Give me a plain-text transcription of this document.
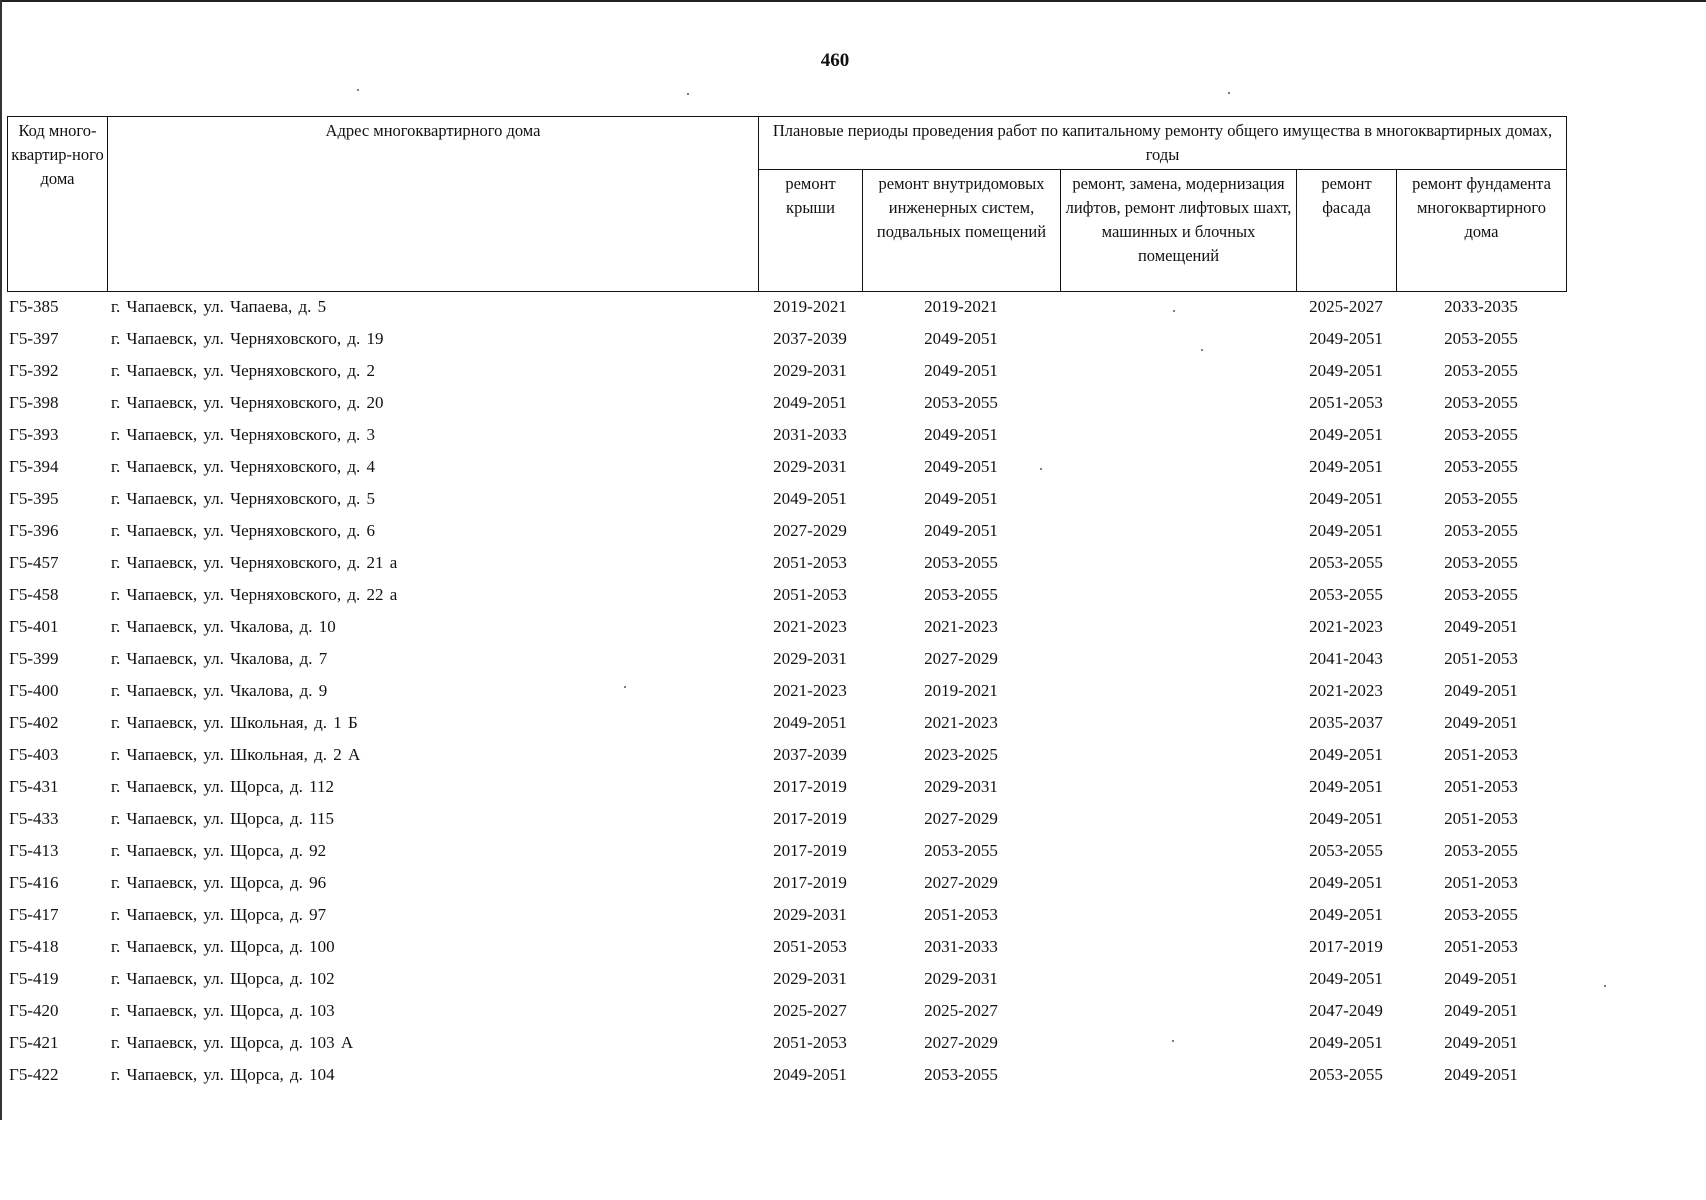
460
Код много-квартир-ного дома	Адрес многоквартирного дома	Плановые периоды проведения работ по капитальному ремонту общего имущества в многоквартирных домах, годы				
		ремонт крыши	ремонт внутридомовых инженерных систем, подвальных помещений	ремонт, замена, модернизация лифтов, ремонт лифтовых шахт, машинных и блочных помещений	ремонт фасада	ремонт фундамента многоквартирного дома
Г5-385	г. Чапаевск, ул. Чапаева, д. 5	2019-2021	2019-2021		2025-2027	2033-2035
Г5-397	г. Чапаевск, ул. Черняховского, д. 19	2037-2039	2049-2051		2049-2051	2053-2055
Г5-392	г. Чапаевск, ул. Черняховского, д. 2	2029-2031	2049-2051		2049-2051	2053-2055
Г5-398	г. Чапаевск, ул. Черняховского, д. 20	2049-2051	2053-2055		2051-2053	2053-2055
Г5-393	г. Чапаевск, ул. Черняховского, д. 3	2031-2033	2049-2051		2049-2051	2053-2055
Г5-394	г. Чапаевск, ул. Черняховского, д. 4	2029-2031	2049-2051		2049-2051	2053-2055
Г5-395	г. Чапаевск, ул. Черняховского, д. 5	2049-2051	2049-2051		2049-2051	2053-2055
Г5-396	г. Чапаевск, ул. Черняховского, д. 6	2027-2029	2049-2051		2049-2051	2053-2055
Г5-457	г. Чапаевск, ул. Черняховского, д. 21 а	2051-2053	2053-2055		2053-2055	2053-2055
Г5-458	г. Чапаевск, ул. Черняховского, д. 22 а	2051-2053	2053-2055		2053-2055	2053-2055
Г5-401	г. Чапаевск, ул. Чкалова, д. 10	2021-2023	2021-2023		2021-2023	2049-2051
Г5-399	г. Чапаевск, ул. Чкалова, д. 7	2029-2031	2027-2029		2041-2043	2051-2053
Г5-400	г. Чапаевск, ул. Чкалова, д. 9	2021-2023	2019-2021		2021-2023	2049-2051
Г5-402	г. Чапаевск, ул. Школьная, д. 1 Б	2049-2051	2021-2023		2035-2037	2049-2051
Г5-403	г. Чапаевск, ул. Школьная, д. 2 А	2037-2039	2023-2025		2049-2051	2051-2053
Г5-431	г. Чапаевск, ул. Щорса, д. 112	2017-2019	2029-2031		2049-2051	2051-2053
Г5-433	г. Чапаевск, ул. Щорса, д. 115	2017-2019	2027-2029		2049-2051	2051-2053
Г5-413	г. Чапаевск, ул. Щорса, д. 92	2017-2019	2053-2055		2053-2055	2053-2055
Г5-416	г. Чапаевск, ул. Щорса, д. 96	2017-2019	2027-2029		2049-2051	2051-2053
Г5-417	г. Чапаевск, ул. Щорса, д. 97	2029-2031	2051-2053		2049-2051	2053-2055
Г5-418	г. Чапаевск, ул. Щорса, д. 100	2051-2053	2031-2033		2017-2019	2051-2053
Г5-419	г. Чапаевск, ул. Щорса, д. 102	2029-2031	2029-2031		2049-2051	2049-2051
Г5-420	г. Чапаевск, ул. Щорса, д. 103	2025-2027	2025-2027		2047-2049	2049-2051
Г5-421	г. Чапаевск, ул. Щорса, д. 103 А	2051-2053	2027-2029		2049-2051	2049-2051
Г5-422	г. Чапаевск, ул. Щорса, д. 104	2049-2051	2053-2055		2053-2055	2049-2051
